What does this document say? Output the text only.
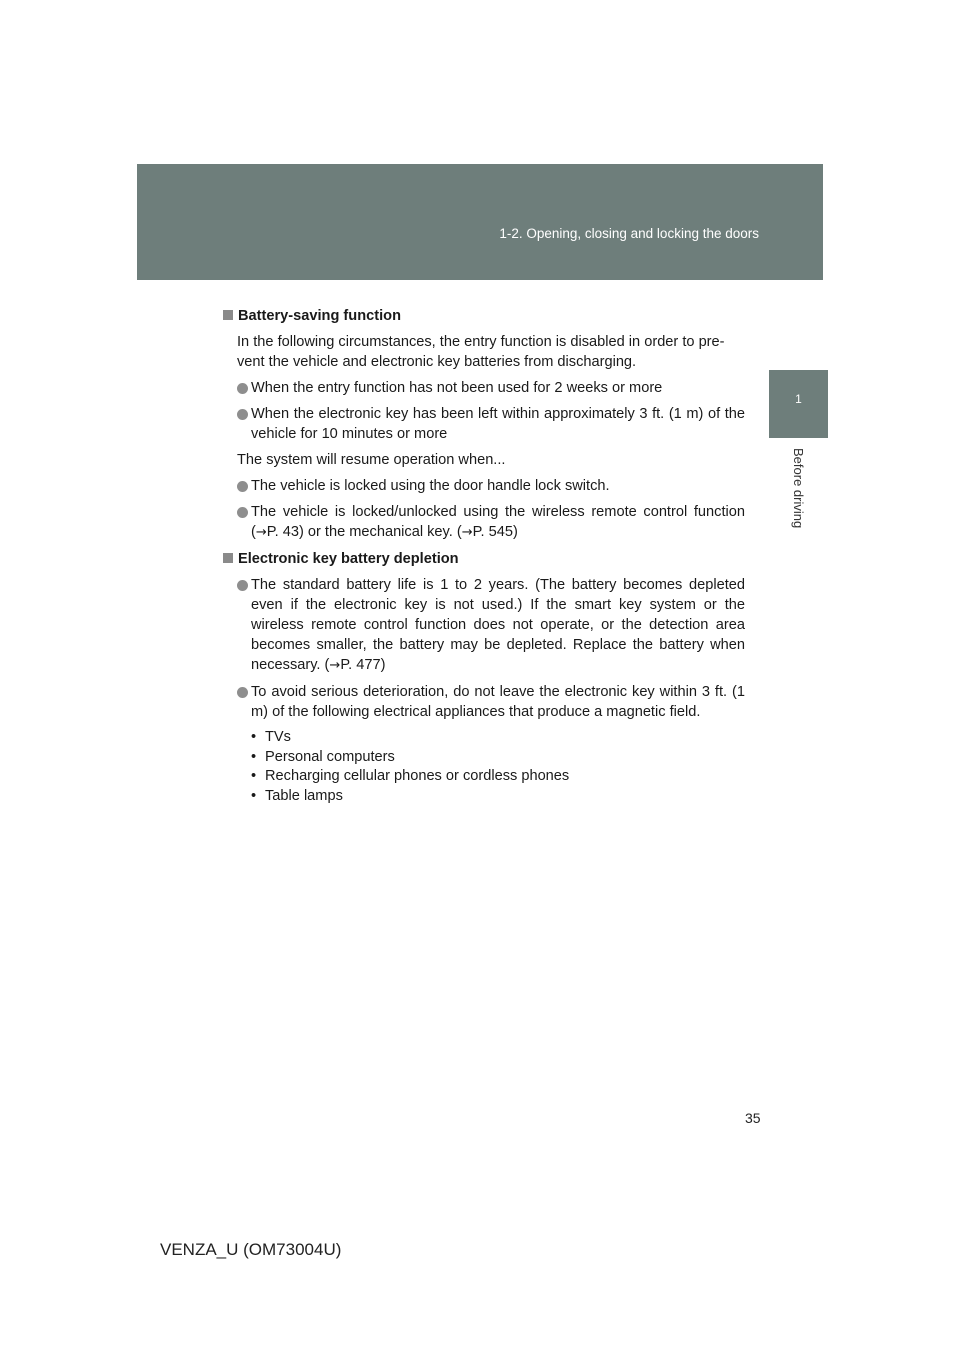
1-2. Opening, closing and locking the doors
1
Before driving
Battery-saving function

In the following circumstances, the entry function is disabled in order to pre-vent the vehicle and electronic key batteries from discharging.

When the entry function has not been used for 2 weeks or more
When the electronic key has been left within approximately 3 ft. (1 m) of the vehicle for 10 minutes or more

The system will resume operation when...

The vehicle is locked using the door handle lock switch.
The vehicle is locked/unlocked using the wireless remote control function (→P. 43) or the mechanical key. (→P. 545)
Electronic key battery depletion
The standard battery life is 1 to 2 years. (The battery becomes depleted even if the electronic key is not used.) If the smart key system or the wireless remote control function does not operate, or the detection area becomes smaller, the battery may be depleted. Replace the battery when necessary. (→P. 477)
To avoid serious deterioration, do not leave the electronic key within 3 ft. (1 m) of the following electrical appliances that produce a magnetic field.
• TVs
• Personal computers
• Recharging cellular phones or cordless phones
• Table lamps
35
VENZA_U (OM73004U)
